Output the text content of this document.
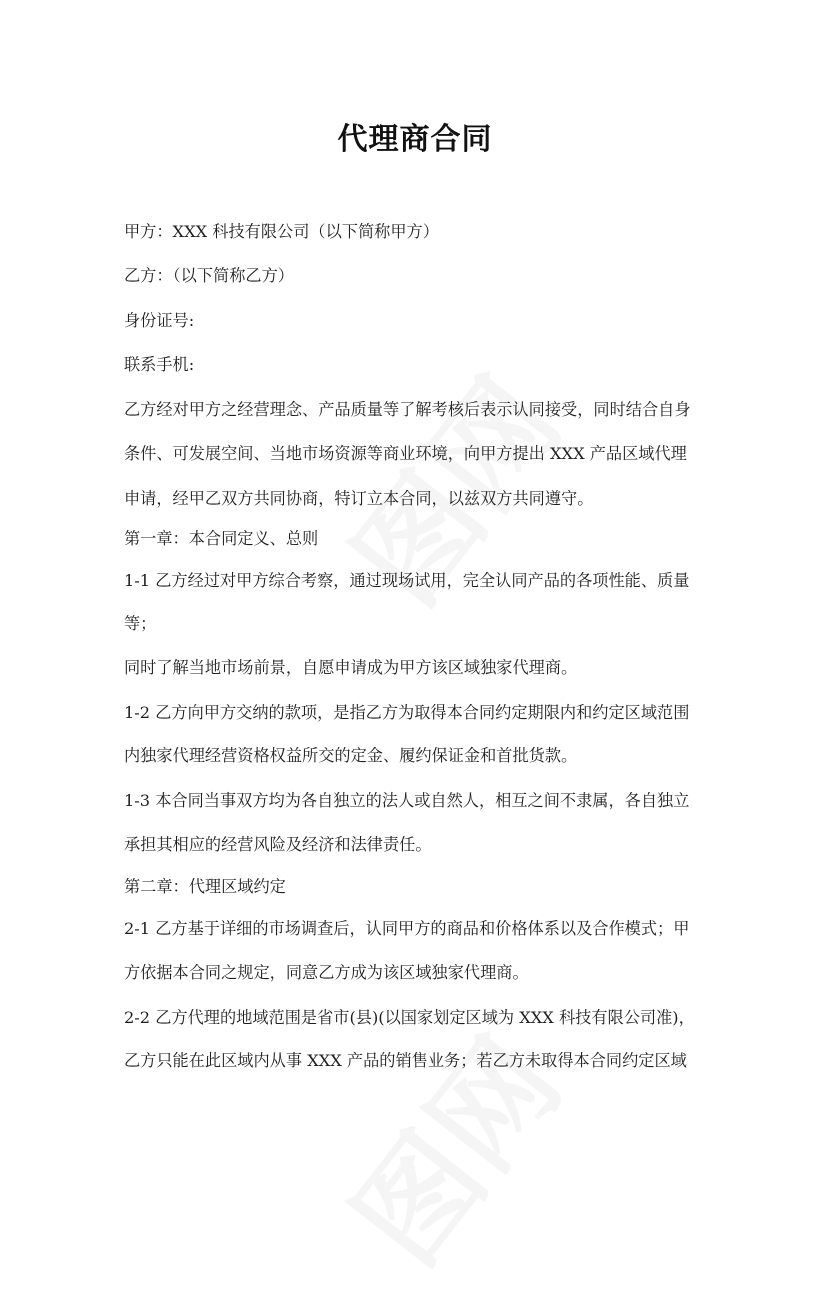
代理商合同
甲方：XXX 科技有限公司（以下简称甲方）
乙方：（以下简称乙方）
身份证号:
联系手机:
乙方经对甲方之经营理念、产品质量等了解考核后表示认同接受，同时结合自身
条件、可发展空间、当地市场资源等商业环境，向甲方提出 XXX 产品区域代理
申请，经甲乙双方共同协商，特订立本合同，以兹双方共同遵守。
第一章：本合同定义、总则
1-1 乙方经过对甲方综合考察，通过现场试用，完全认同产品的各项性能、质量
等；
同时了解当地市场前景，自愿申请成为甲方该区域独家代理商。
1-2 乙方向甲方交纳的款项，是指乙方为取得本合同约定期限内和约定区域范围
内独家代理经营资格权益所交的定金、履约保证金和首批货款。
1-3 本合同当事双方均为各自独立的法人或自然人，相互之间不隶属，各自独立
承担其相应的经营风险及经济和法律责任。
第二章：代理区域约定
2-1 乙方基于详细的市场调查后，认同甲方的商品和价格体系以及合作模式；甲
方依据本合同之规定，同意乙方成为该区域独家代理商。
2-2 乙方代理的地域范围是省市(县)(以国家划定区域为 XXX 科技有限公司准)，
乙方只能在此区域内从事 XXX 产品的销售业务；若乙方未取得本合同约定区域
